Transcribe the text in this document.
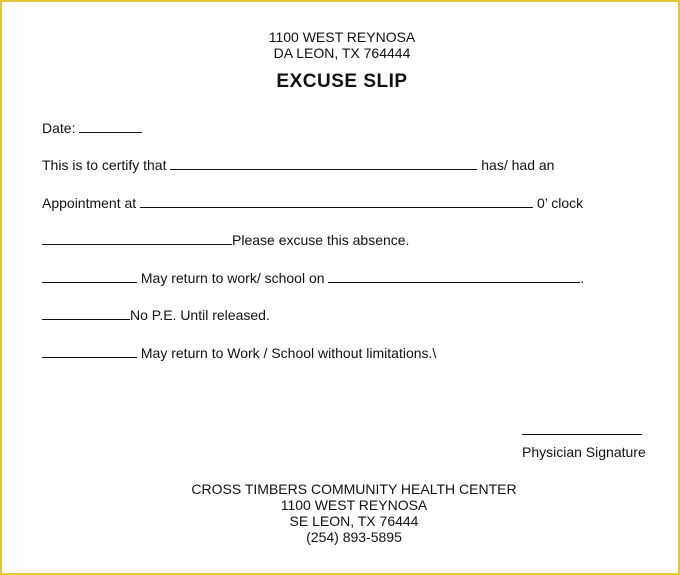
1100 WEST REYNOSA
DA LEON, TX 764444
EXCUSE SLIP
Date:
This is to certify that	has/ had an
Appointment at	0’ clock
Please excuse this absence.
May return to work/ school on	.
No P.E. Until released.
May return to Work / School without limitations.\
Physician Signature
CROSS TIMBERS COMMUNITY HEALTH CENTER
1100 WEST REYNOSA
SE LEON, TX 76444
(254) 893-5895
